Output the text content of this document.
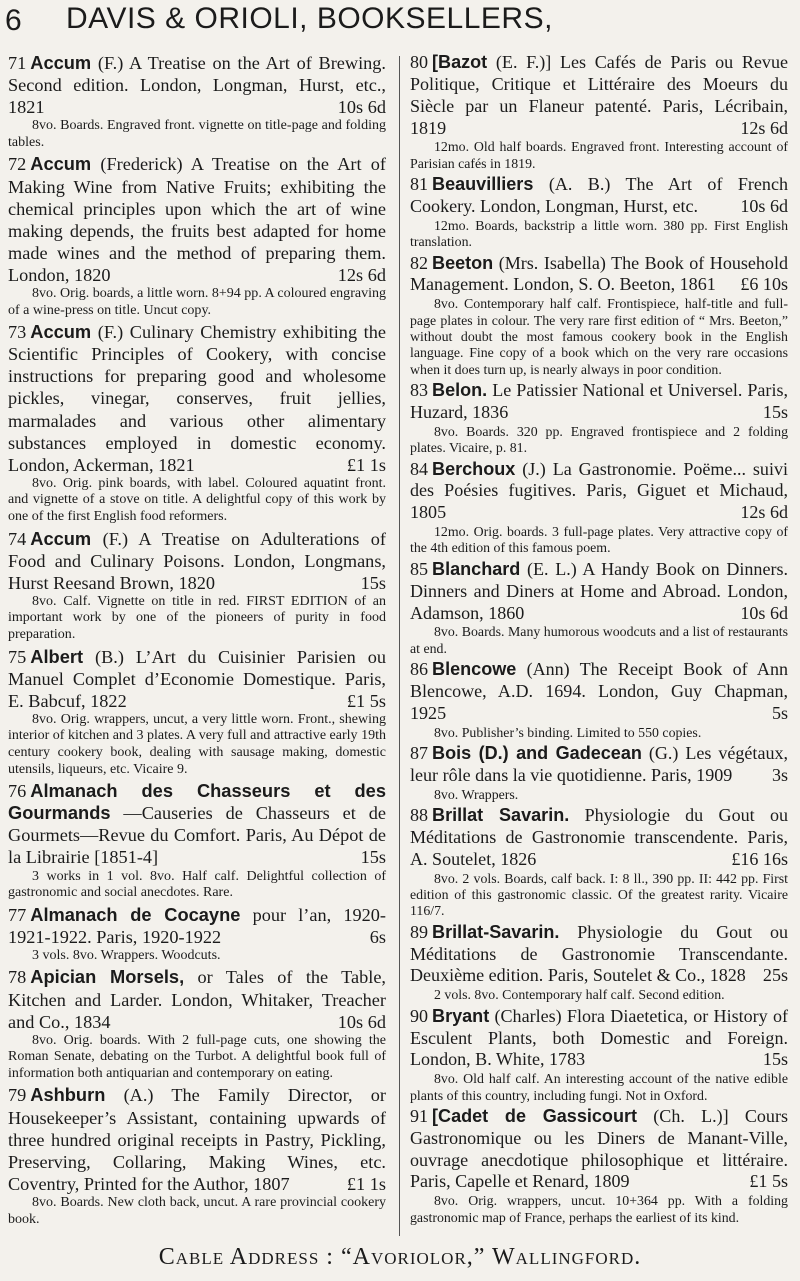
6 DAVIS & ORIOLI, BOOKSELLERS,
71 Accum (F.) A Treatise on the Art of Brewing. Second edition. London, Longman, Hurst, etc., 1821	10s 6d
8vo. Boards. Engraved front. vignette on title-page and folding tables.
72 Accum (Frederick) A Treatise on the Art of Making Wine from Native Fruits; exhibiting the chemical principles upon which the art of wine making depends, the fruits best adapted for home made wines and the method of preparing them. London, 1820	12s 6d
8vo. Orig. boards, a little worn. 8+94 pp. A coloured engraving of a wine-press on title. Uncut copy.
73 Accum (F.) Culinary Chemistry exhibiting the Scientific Principles of Cookery, with concise instructions for preparing good and wholesome pickles, vinegar, conserves, fruit jellies, marmalades and various other alimentary substances employed in domestic economy. London, Ackerman, 1821	£1 1s
8vo. Orig. pink boards, with label. Coloured aquatint front. and vignette of a stove on title. A delightful copy of this work by one of the first English food reformers.
74 Accum (F.) A Treatise on Adulterations of Food and Culinary Poisons. London, Longmans, Hurst Reesand Brown, 1820	15s
8vo. Calf. Vignette on title in red. FIRST EDITION of an important work by one of the pioneers of purity in food preparation.
75 Albert (B.) L’Art du Cuisinier Parisien ou Manuel Complet d’Economie Domestique. Paris, E. Babcuf, 1822	£1 5s
8vo. Orig. wrappers, uncut, a very little worn. Front., shewing interior of kitchen and 3 plates. A very full and attractive early 19th century cookery book, dealing with sausage making, domestic utensils, liqueurs, etc. Vicaire 9.
76 Almanach des Chasseurs et des Gourmands —Causeries de Chasseurs et de Gourmets—Revue du Comfort. Paris, Au Dépot de la Librairie [1851-4]	15s
3 works in 1 vol. 8vo. Half calf. Delightful collection of gastronomic and social anecdotes. Rare.
77 Almanach de Cocayne pour l’an, 1920-1921-1922. Paris, 1920-1922	6s
3 vols. 8vo. Wrappers. Woodcuts.
78 Apician Morsels, or Tales of the Table, Kitchen and Larder. London, Whitaker, Treacher and Co., 1834	10s 6d
8vo. Orig. boards. With 2 full-page cuts, one showing the Roman Senate, debating on the Turbot. A delightful book full of information both antiquarian and contemporary on eating.
79 Ashburn (A.) The Family Director, or Housekeeper’s Assistant, containing upwards of three hundred original receipts in Pastry, Pickling, Preserving, Collaring, Making Wines, etc. Coventry, Printed for the Author, 1807	£1 1s
8vo. Boards. New cloth back, uncut. A rare provincial cookery book.
80 [Bazot (E. F.)] Les Cafés de Paris ou Revue Politique, Critique et Littéraire des Moeurs du Siècle par un Flaneur patenté. Paris, Lécribain, 1819	12s 6d
12mo. Old half boards. Engraved front. Interesting account of Parisian cafés in 1819.
81 Beauvilliers (A. B.) The Art of French Cookery. London, Longman, Hurst, etc. 10s 6d
12mo. Boards, backstrip a little worn. 380 pp. First English translation.
82 Beeton (Mrs. Isabella) The Book of Household Management. London, S. O. Beeton, 1861 £6 10s
8vo. Contemporary half calf. Frontispiece, half-title and full-page plates in colour. The very rare first edition of “ Mrs. Beeton,” without doubt the most famous cookery book in the English language. Fine copy of a book which on the very rare occasions when it does turn up, is nearly always in poor condition.
83 Belon. Le Patissier National et Universel. Paris, Huzard, 1836	15s
8vo. Boards. 320 pp. Engraved frontispiece and 2 folding plates. Vicaire, p. 81.
84 Berchoux (J.) La Gastronomie. Poëme... suivi des Poésies fugitives. Paris, Giguet et Michaud, 1805	12s 6d
12mo. Orig. boards. 3 full-page plates. Very attractive copy of the 4th edition of this famous poem.
85 Blanchard (E. L.) A Handy Book on Dinners. Dinners and Diners at Home and Abroad. London, Adamson, 1860	10s 6d
8vo. Boards. Many humorous woodcuts and a list of restaurants at end.
86 Blencowe (Ann) The Receipt Book of Ann Blencowe, A.D. 1694. London, Guy Chapman, 1925	5s
8vo. Publisher’s binding. Limited to 550 copies.
87 Bois (D.) and Gadecean (G.) Les végétaux, leur rôle dans la vie quotidienne. Paris, 1909 3s
8vo. Wrappers.
88 Brillat Savarin. Physiologie du Gout ou Méditations de Gastronomie transcendente. Paris, A. Soutelet, 1826	£16 16s
8vo. 2 vols. Boards, calf back. I: 8 ll., 390 pp. II: 442 pp. First edition of this gastronomic classic. Of the greatest rarity. Vicaire 116/7.
89 Brillat-Savarin. Physiologie du Gout ou Méditations de Gastronomie Transcendante. Deuxième edition. Paris, Soutelet & Co., 1828 25s
2 vols. 8vo. Contemporary half calf. Second edition.
90 Bryant (Charles) Flora Diaetetica, or History of Esculent Plants, both Domestic and Foreign. London, B. White, 1783	15s
8vo. Old half calf. An interesting account of the native edible plants of this country, including fungi. Not in Oxford.
91 [Cadet de Gassicourt (Ch. L.)] Cours Gastronomique ou les Diners de Manant-Ville, ouvrage anecdotique philosophique et littéraire. Paris, Capelle et Renard, 1809	£1 5s
8vo. Orig. wrappers, uncut. 10+364 pp. With a folding gastronomic map of France, perhaps the earliest of its kind.
Cable Address : “Avoriolor,” Wallingford.
